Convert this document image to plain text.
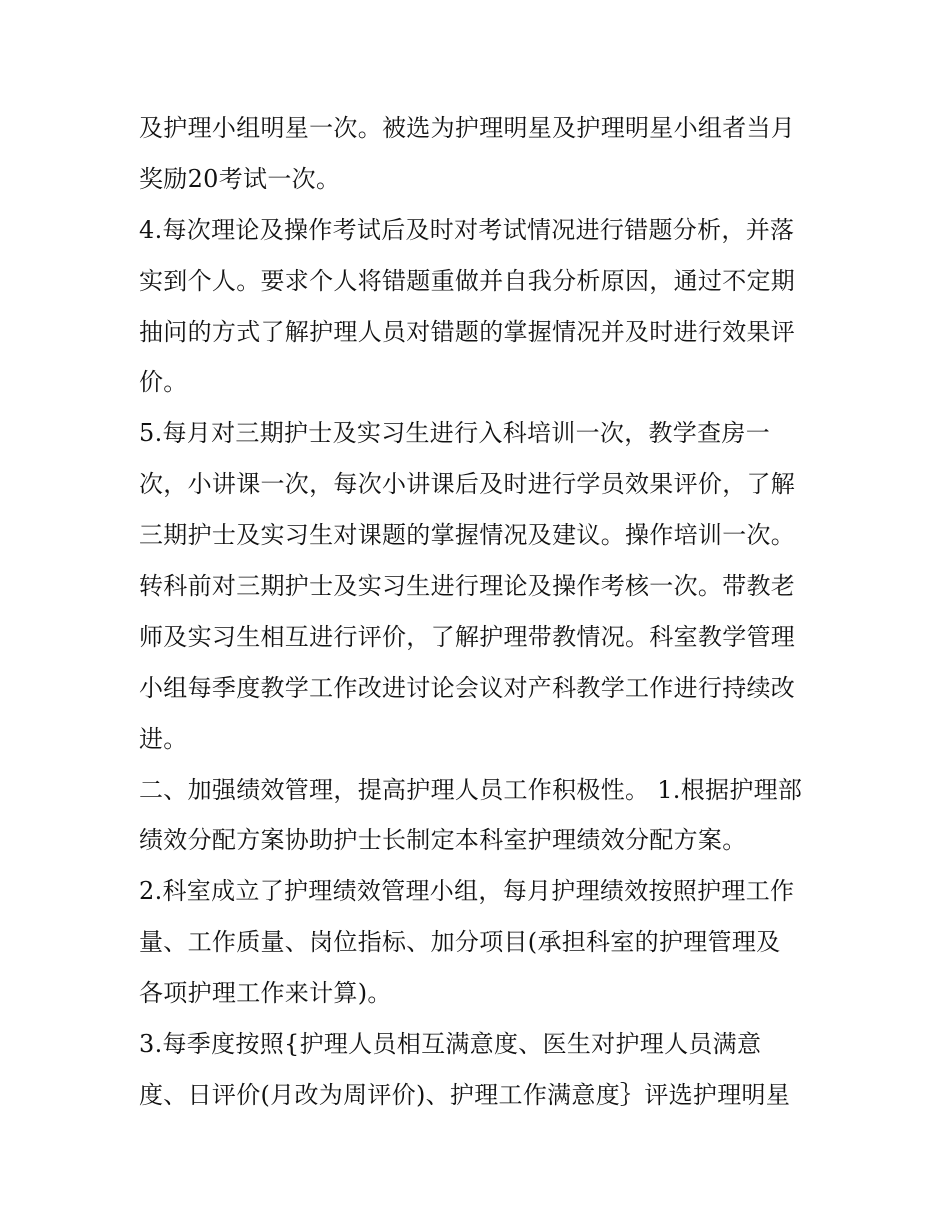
及护理小组明星一次。被选为护理明星及护理明星小组者当月
奖励20考试一次。
4.每次理论及操作考试后及时对考试情况进行错题分析，并落
实到个人。要求个人将错题重做并自我分析原因，通过不定期
抽问的方式了解护理人员对错题的掌握情况并及时进行效果评
价。
5.每月对三期护士及实习生进行入科培训一次，教学查房一
次，小讲课一次，每次小讲课后及时进行学员效果评价，了解
三期护士及实习生对课题的掌握情况及建议。操作培训一次。
转科前对三期护士及实习生进行理论及操作考核一次。带教老
师及实习生相互进行评价，了解护理带教情况。科室教学管理
小组每季度教学工作改进讨论会议对产科教学工作进行持续改
进。
二、加强绩效管理，提高护理人员工作积极性。 1.根据护理部
绩效分配方案协助护士长制定本科室护理绩效分配方案。
2.科室成立了护理绩效管理小组，每月护理绩效按照护理工作
量、工作质量、岗位指标、加分项目(承担科室的护理管理及
各项护理工作来计算)。
3.每季度按照{护理人员相互满意度、医生对护理人员满意
度、日评价(月改为周评价)、护理工作满意度｝评选护理明星
